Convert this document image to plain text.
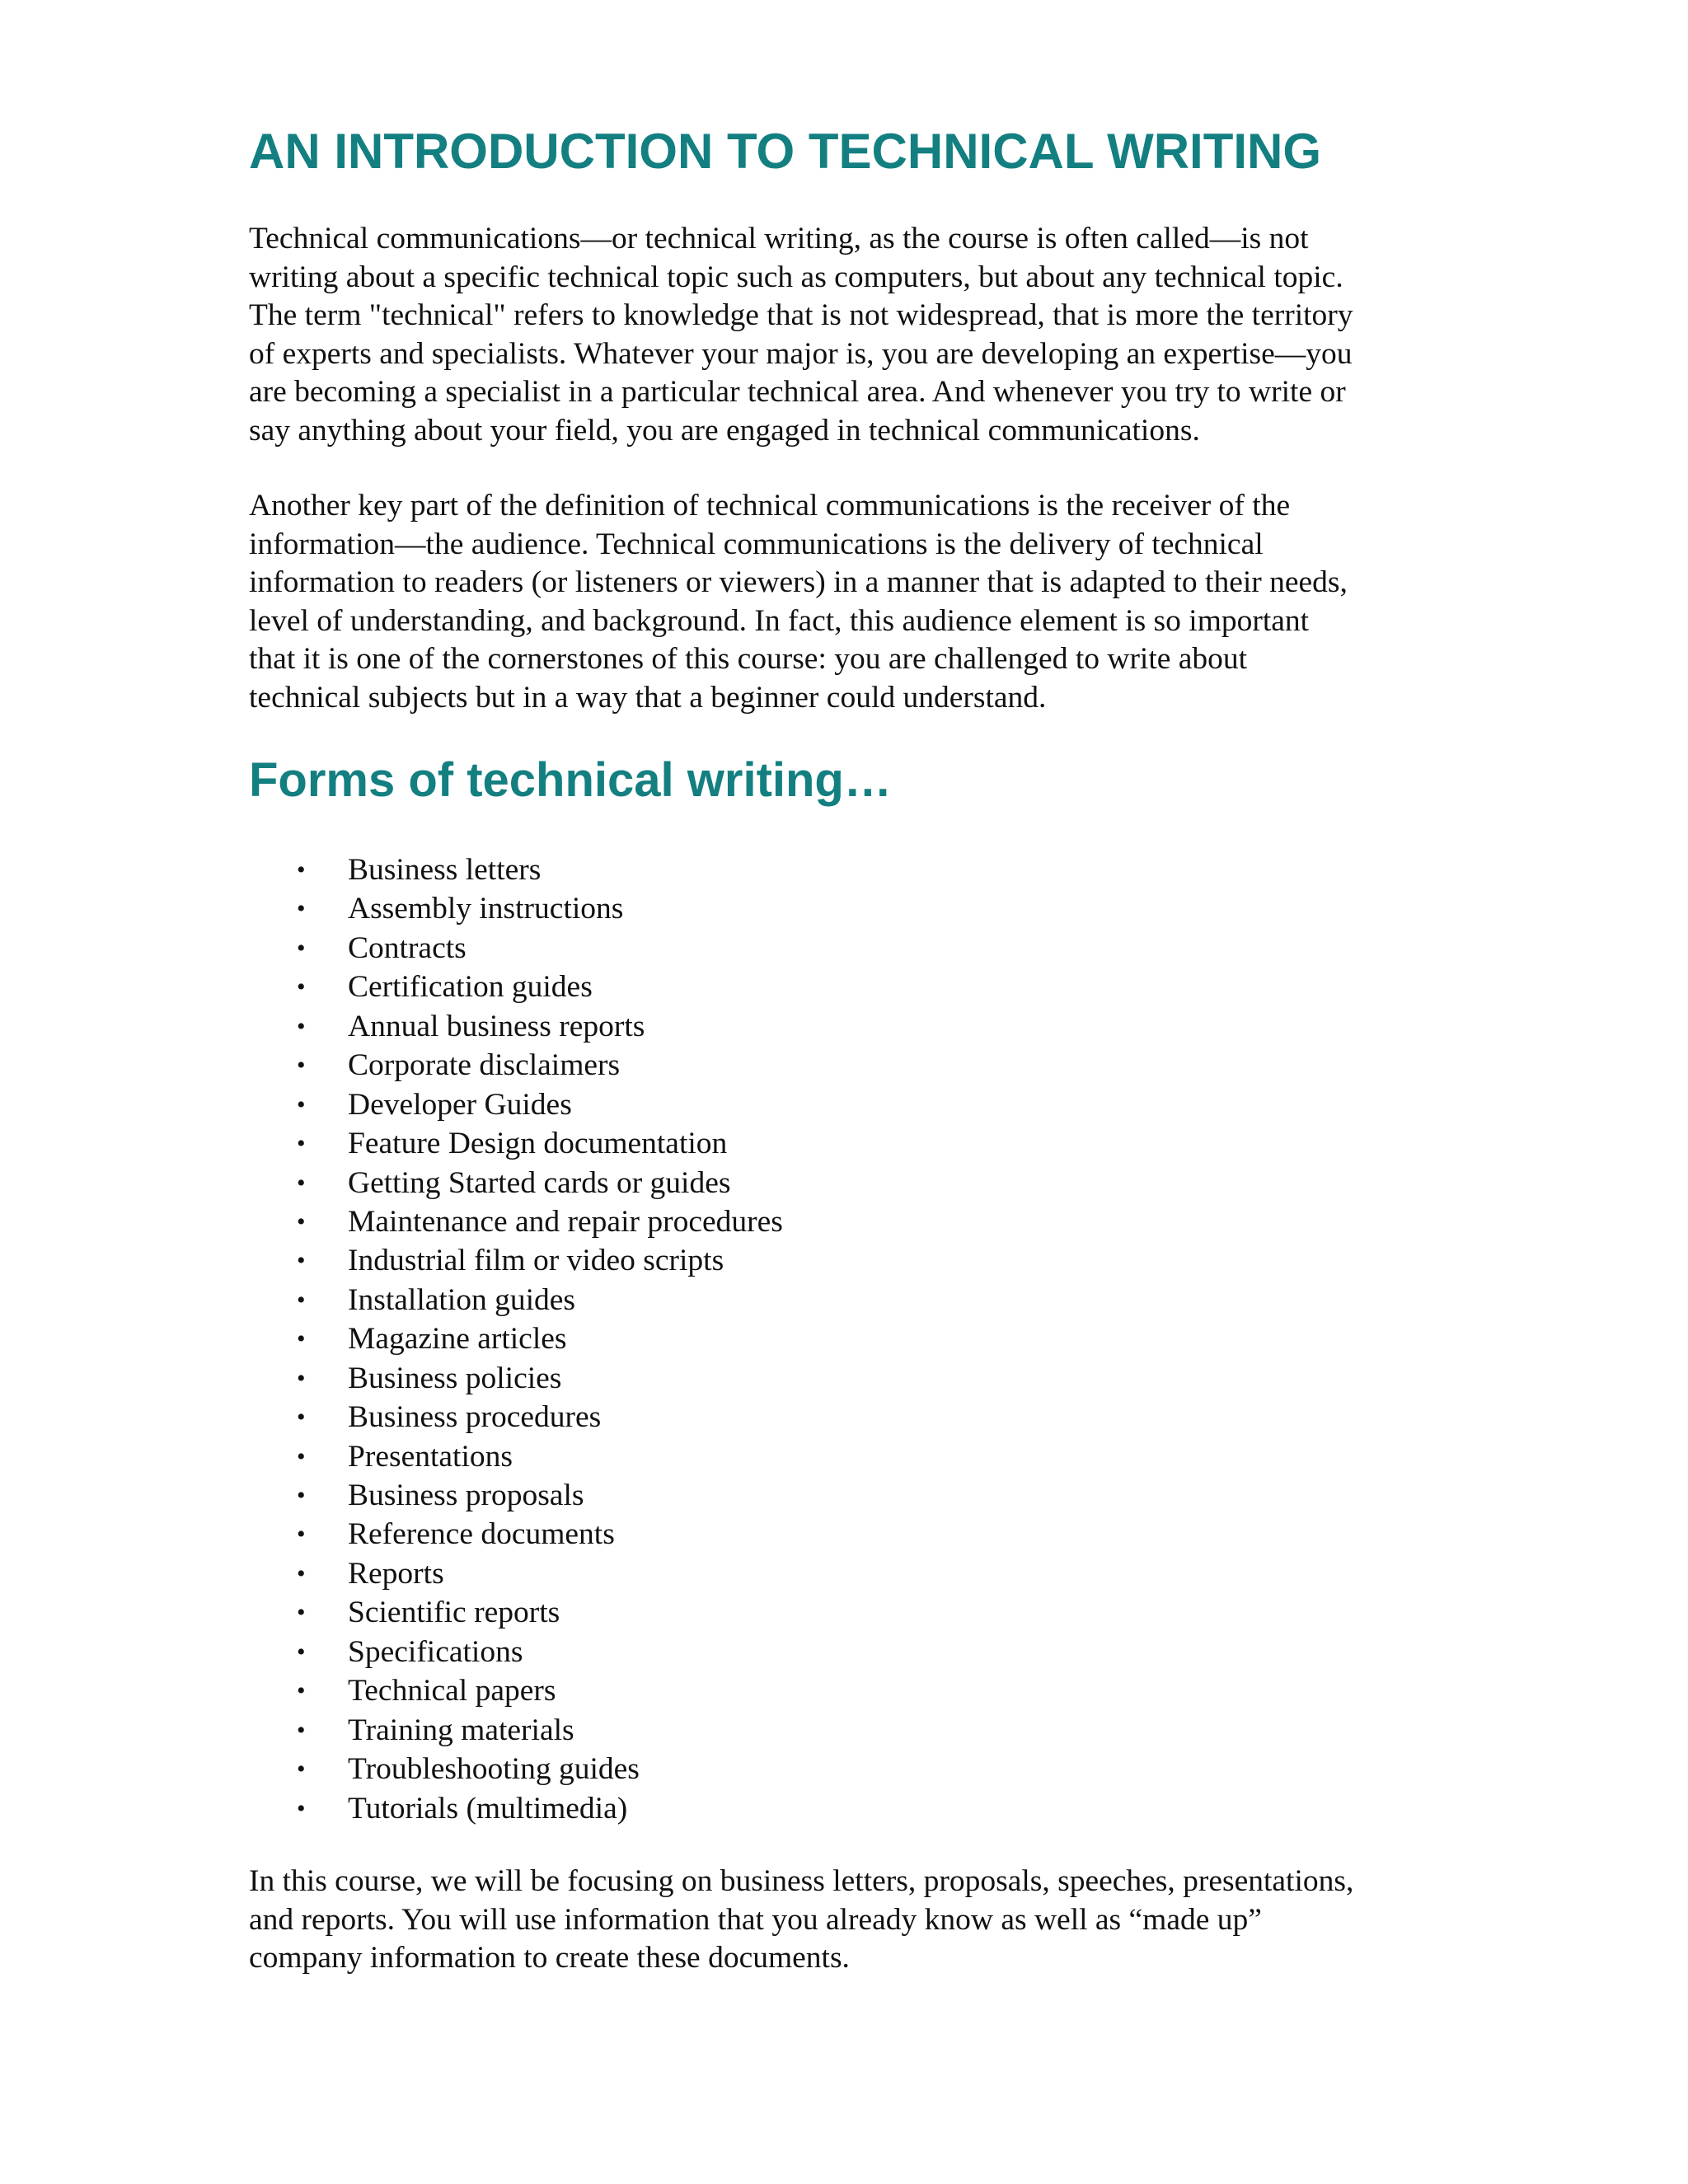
AN INTRODUCTION TO TECHNICAL WRITING

Technical communications—or technical writing, as the course is often called—is not
writing about a specific technical topic such as computers, but about any technical topic.
The term "technical" refers to knowledge that is not widespread, that is more the territory
of experts and specialists. Whatever your major is, you are developing an expertise—you
are becoming a specialist in a particular technical area. And whenever you try to write or
say anything about your field, you are engaged in technical communications.

Another key part of the definition of technical communications is the receiver of the
information—the audience. Technical communications is the delivery of technical
information to readers (or listeners or viewers) in a manner that is adapted to their needs,
level of understanding, and background. In fact, this audience element is so important
that it is one of the cornerstones of this course: you are challenged to write about
technical subjects but in a way that a beginner could understand.

Forms of technical writing…
• Business letters
• Assembly instructions
• Contracts
• Certification guides
• Annual business reports
• Corporate disclaimers
• Developer Guides
• Feature Design documentation
• Getting Started cards or guides
• Maintenance and repair procedures
• Industrial film or video scripts
• Installation guides
• Magazine articles
• Business policies
• Business procedures
• Presentations
• Business proposals
• Reference documents
• Reports
• Scientific reports
• Specifications
• Technical papers
• Training materials
• Troubleshooting guides
• Tutorials (multimedia)

In this course, we will be focusing on business letters, proposals, speeches, presentations,
and reports. You will use information that you already know as well as “made up”
company information to create these documents.
